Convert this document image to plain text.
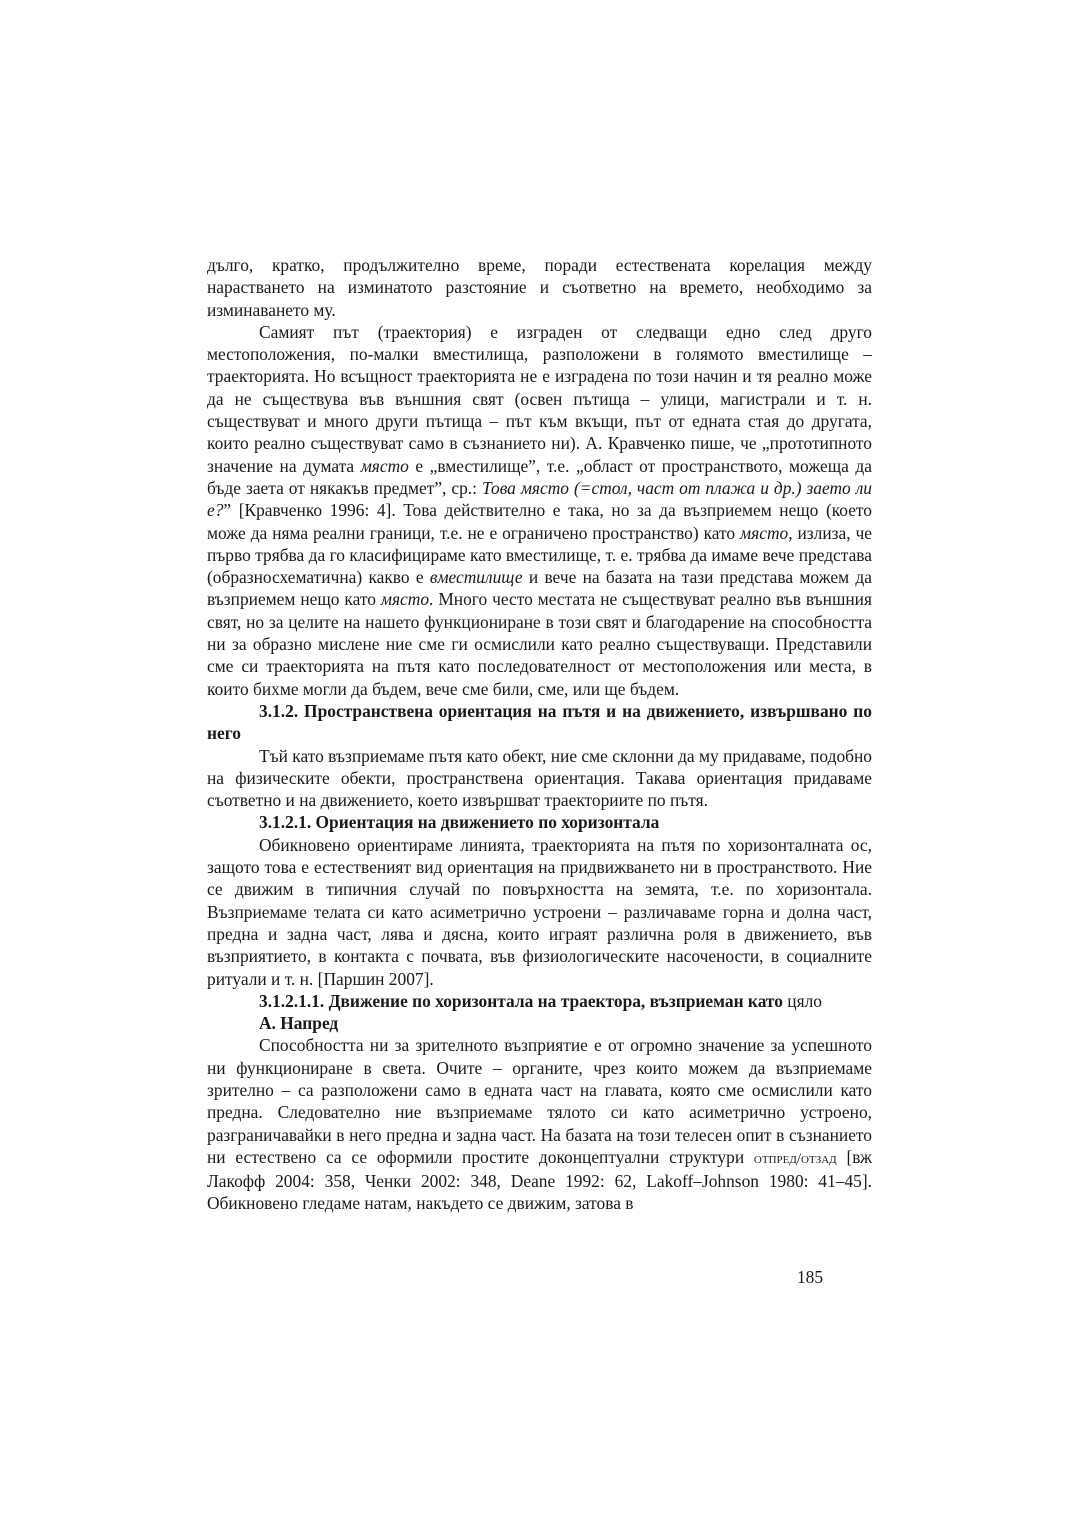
дълго, кратко, продължително време, поради естествената корелация между нарастването на изминатото разстояние и съответно на времето, необходимо за изминаването му.

Самият път (траектория) е изграден от следващи едно след друго местоположения, по-малки вместилища, разположени в голямото вместилище – траекторията. Но всъщност траекторията не е изградена по този начин и тя реално може да не съществува във външния свят (освен пътища – улици, магистрали и т. н. съществуват и много други пътища – път към вкъщи, път от едната стая до другата, които реално съществуват само в съзнанието ни). А. Кравченко пише, че „прототипното значение на думата място е „вместилище”, т.е. „област от пространството, можеща да бъде заета от някакъв предмет”, ср.: Това място (=стол, част от плажа и др.) заето ли е?” [Кравченко 1996: 4]. Това действително е така, но за да възприемем нещо (което може да няма реални граници, т.е. не е ограничено пространство) като място, излиза, че първо трябва да го класифицираме като вместилище, т. е. трябва да имаме вече представа (образносхематична) какво е вместилище и вече на базата на тази представа можем да възприемем нещо като място. Много често местата не съществуват реално във външния свят, но за целите на нашето функциониране в този свят и благодарение на способността ни за образно мислене ние сме ги осмислили като реално съществуващи. Представили сме си траекторията на пътя като последователност от местоположения или места, в които бихме могли да бъдем, вече сме били, сме, или ще бъдем.

3.1.2. Пространствена ориентация на пътя и на движението, извършвано по него

Тъй като възприемаме пътя като обект, ние сме склонни да му придаваме, подобно на физическите обекти, пространствена ориентация. Такава ориентация придаваме съответно и на движението, което извършват траекториите по пътя.

3.1.2.1. Ориентация на движението по хоризонтала

Обикновено ориентираме линията, траекторията на пътя по хоризонталната ос, защото това е естественият вид ориентация на придвижването ни в пространството. Ние се движим в типичния случай по повърхността на земята, т.е. по хоризонтала. Възприемаме телата си като асиметрично устроени – различаваме горна и долна част, предна и задна част, лява и дясна, които играят различна роля в движението, във възприятието, в контакта с почвата, във физиологическите насочености, в социалните ритуали и т. н. [Паршин 2007].

3.1.2.1.1. Движение по хоризонтала на траектора, възприеман като цяло

А. Напред

Способността ни за зрителното възприятие е от огромно значение за успешното ни функциониране в света. Очите – органите, чрез които можем да възприемаме зрително – са разположени само в едната част на главата, която сме осмислили като предна. Следователно ние възприемаме тялото си като асиметрично устроено, разграничавайки в него предна и задна част. На базата на този телесен опит в съзнанието ни естествено са се оформили простите доконцептуални структури отпред/отзад [вж Лакофф 2004: 358, Ченки 2002: 348, Deane 1992: 62, Lakoff–Johnson 1980: 41–45]. Обикновено гледаме натам, накъдето се движим, затова в

185
